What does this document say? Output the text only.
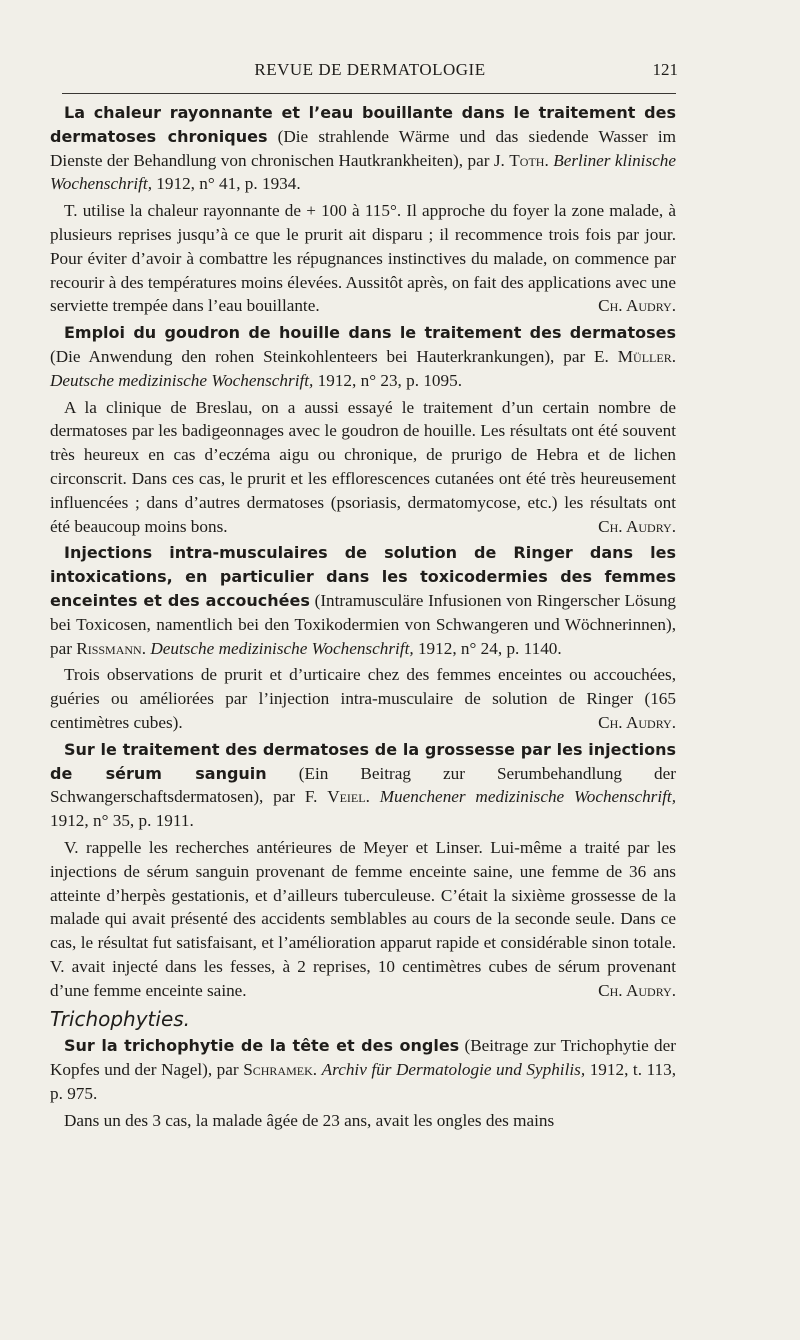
REVUE DE DERMATOLOGIE	121

La chaleur rayonnante et l’eau bouillante dans le traitement des dermatoses chroniques (Die strahlende Wärme und das siedende Wasser im Dienste der Behandlung von chronischen Hautkrankheiten), par J. Toth. Berliner klinische Wochenschrift, 1912, n° 41, p. 1934.

T. utilise la chaleur rayonnante de + 100 à 115°. Il approche du foyer la zone malade, à plusieurs reprises jusqu’à ce que le prurit ait disparu ; il recommence trois fois par jour. Pour éviter d’avoir à combattre les répugnances instinctives du malade, on commence par recourir à des températures moins élevées. Aussitôt après, on fait des applications avec une serviette trempée dans l’eau bouillante.	Ch. Audry.

Emploi du goudron de houille dans le traitement des dermatoses (Die Anwendung den rohen Steinkohlenteers bei Hauterkrankungen), par E. Müller. Deutsche medizinische Wochenschrift, 1912, n° 23, p. 1095.

A la clinique de Breslau, on a aussi essayé le traitement d’un certain nombre de dermatoses par les badigeonnages avec le goudron de houille. Les résultats ont été souvent très heureux en cas d’eczéma aigu ou chronique, de prurigo de Hebra et de lichen circonscrit. Dans ces cas, le prurit et les efflorescences cutanées ont été très heureusement influencées ; dans d’autres dermatoses (psoriasis, dermatomycose, etc.) les résultats ont été beaucoup moins bons.	Ch. Audry.

Injections intra-musculaires de solution de Ringer dans les intoxications, en particulier dans les toxicodermies des femmes enceintes et des accouchées (Intramusculäre Infusionen von Ringerscher Lösung bei Toxicosen, namentlich bei den Toxikodermien von Schwangeren und Wöchnerinnen), par Rissmann. Deutsche medizinische Wochenschrift, 1912, n° 24, p. 1140.

Trois observations de prurit et d’urticaire chez des femmes enceintes ou accouchées, guéries ou améliorées par l’injection intra-musculaire de solution de Ringer (165 centimètres cubes).	Ch. Audry.

Sur le traitement des dermatoses de la grossesse par les injections de sérum sanguin (Ein Beitrag zur Serumbehandlung der Schwangerschaftsdermatosen), par F. Veiel. Muenchener medizinische Wochenschrift, 1912, n° 35, p. 1911.

V. rappelle les recherches antérieures de Meyer et Linser. Lui-même a traité par les injections de sérum sanguin provenant de femme enceinte saine, une femme de 36 ans atteinte d’herpès gestationis, et d’ailleurs tuberculeuse. C’était la sixième grossesse de la malade qui avait présenté des accidents semblables au cours de la seconde seule. Dans ce cas, le résultat fut satisfaisant, et l’amélioration apparut rapide et considérable sinon totale. V. avait injecté dans les fesses, à 2 reprises, 10 centimètres cubes de sérum provenant d’une femme enceinte saine.	Ch. Audry.

Trichophyties.

Sur la trichophytie de la tête et des ongles (Beitrage zur Trichophytie der Kopfes und der Nagel), par Schramek. Archiv für Dermatologie und Syphilis, 1912, t. 113, p. 975.

Dans un des 3 cas, la malade âgée de 23 ans, avait les ongles des mains
